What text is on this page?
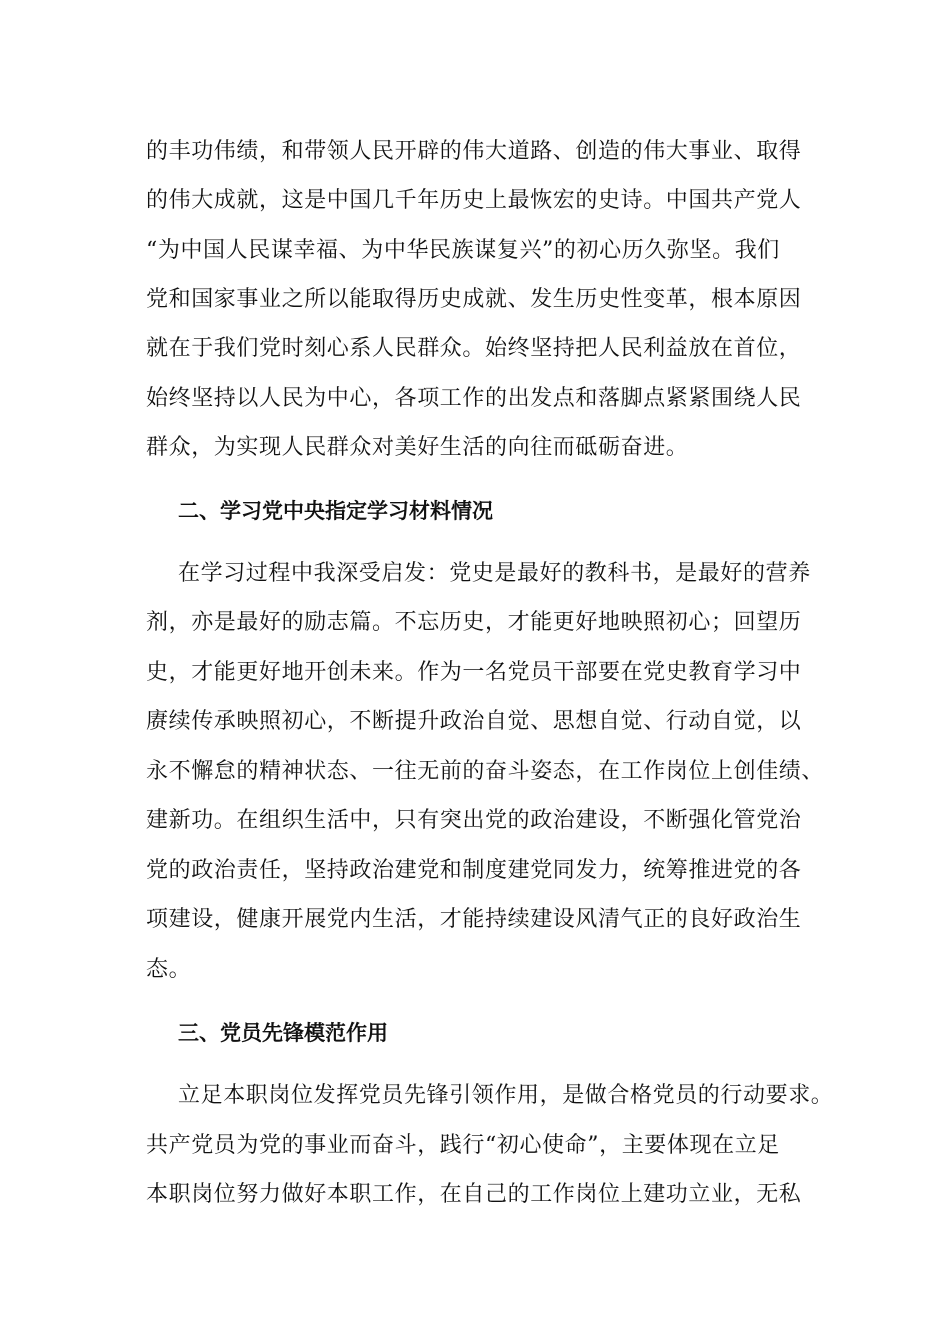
的丰功伟绩，和带领人民开辟的伟大道路、创造的伟大事业、取得
的伟大成就，这是中国几千年历史上最恢宏的史诗。中国共产党人
“为中国人民谋幸福、为中华民族谋复兴”的初心历久弥坚。我们
党和国家事业之所以能取得历史成就、发生历史性变革，根本原因
就在于我们党时刻心系人民群众。始终坚持把人民利益放在首位，
始终坚持以人民为中心，各项工作的出发点和落脚点紧紧围绕人民
群众，为实现人民群众对美好生活的向往而砥砺奋进。
二、学习党中央指定学习材料情况
在学习过程中我深受启发：党史是最好的教科书，是最好的营养
剂，亦是最好的励志篇。不忘历史，才能更好地映照初心；回望历
史，才能更好地开创未来。作为一名党员干部要在党史教育学习中
赓续传承映照初心，不断提升政治自觉、思想自觉、行动自觉，以
永不懈怠的精神状态、一往无前的奋斗姿态，在工作岗位上创佳绩、
建新功。在组织生活中，只有突出党的政治建设，不断强化管党治
党的政治责任，坚持政治建党和制度建党同发力，统筹推进党的各
项建设，健康开展党内生活，才能持续建设风清气正的良好政治生
态。
三、党员先锋模范作用
立足本职岗位发挥党员先锋引领作用，是做合格党员的行动要求。
共产党员为党的事业而奋斗，践行“初心使命”，主要体现在立足
本职岗位努力做好本职工作，在自己的工作岗位上建功立业，无私
